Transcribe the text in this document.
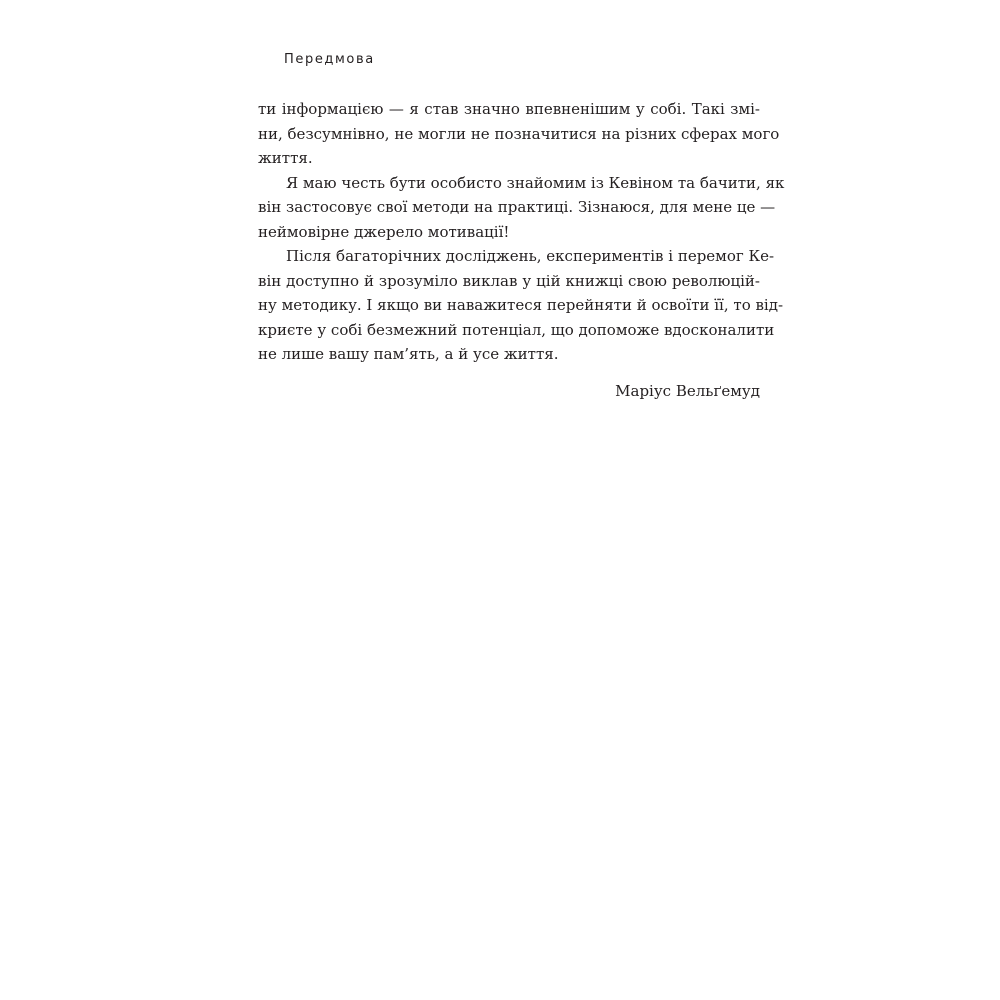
Передмова
ти інформацією — я став значно впевненішим у собі. Такі змі-
ни, безсумнівно, не могли не позначитися на різних сферах мого
життя.
Я маю честь бути особисто знайомим із Кевіном та бачити, як
він застосовує свої методи на практиці. Зізнаюся, для мене це —
неймовірне джерело мотивації!
Після багаторічних досліджень, експериментів і перемог Ке-
він доступно й зрозуміло виклав у цій книжці свою революцій-
ну методику. І якщо ви наважитеся перейняти й освоїти її, то від-
криєте у собі безмежний потенціал, що допоможе вдосконалити
не лише вашу пам’ять, а й усе життя.
Маріус Вельґемуд
